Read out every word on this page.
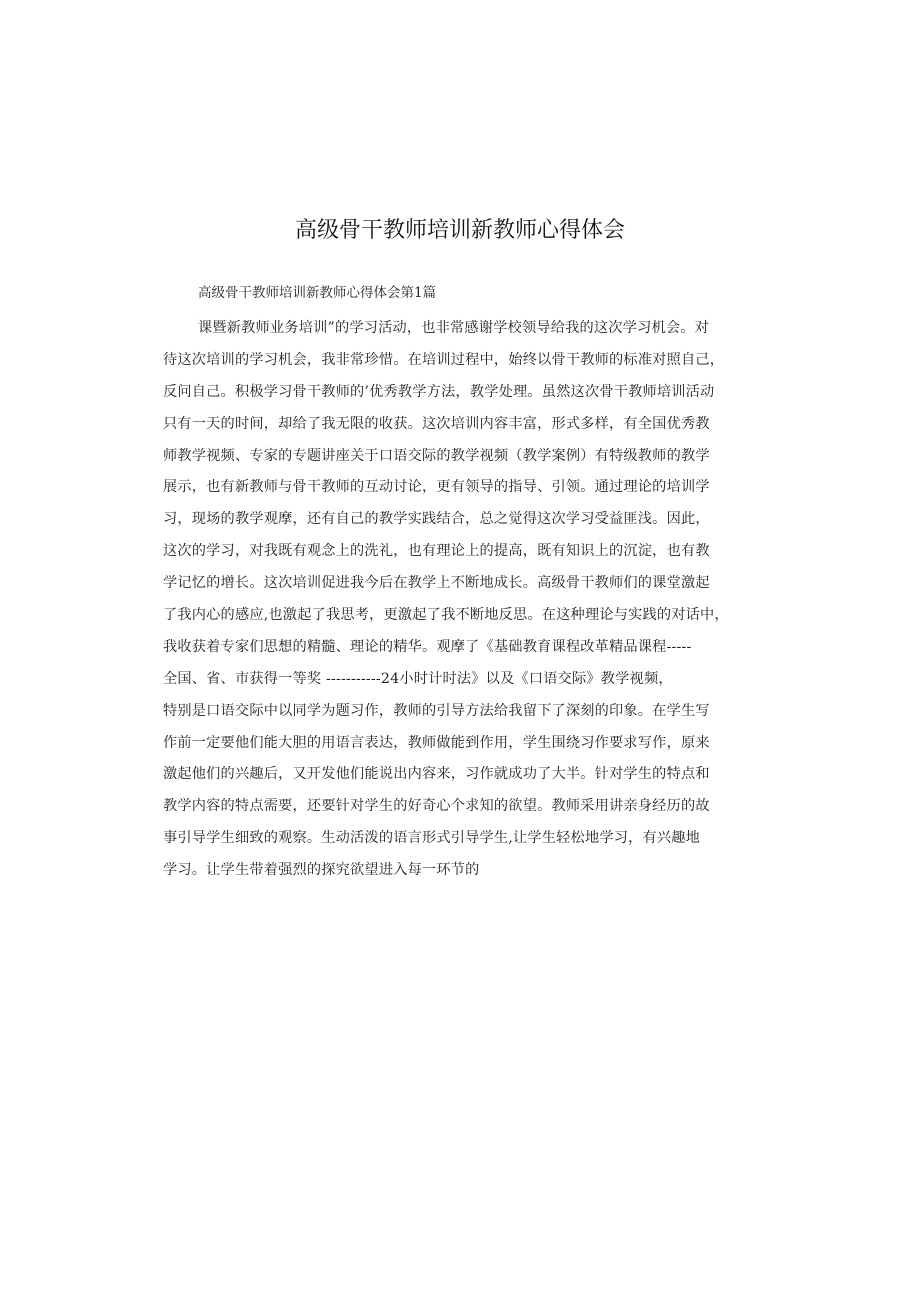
高级骨干教师培训新教师心得体会
高级骨干教师培训新教师心得体会第1篇
课暨新教师业务培训”的学习活动，也非常感谢学校领导给我的这次学习机会。对
待这次培训的学习机会，我非常珍惜。在培训过程中，始终以骨干教师的标准对照自己，
反问自己。积极学习骨干教师的’优秀教学方法，教学处理。虽然这次骨干教师培训活动
只有一天的时间，却给了我无限的收获。这次培训内容丰富，形式多样，有全国优秀教
师教学视频、专家的专题讲座关于口语交际的教学视频（教学案例）有特级教师的教学
展示，也有新教师与骨干教师的互动讨论，更有领导的指导、引领。通过理论的培训学
习，现场的教学观摩，还有自己的教学实践结合，总之觉得这次学习受益匪浅。因此，
这次的学习，对我既有观念上的洗礼，也有理论上的提高，既有知识上的沉淀，也有教
学记忆的增长。这次培训促进我今后在教学上不断地成长。高级骨干教师们的课堂激起
了我内心的感应,也激起了我思考，更激起了我不断地反思。在这种理论与实践的对话中，
我收获着专家们思想的精髓、理论的精华。观摩了《基础教育课程改革精品课程-----
全国、省、市获得一等奖 -----------24小时计时法》以及《口语交际》教学视频，
特别是口语交际中以同学为题习作，教师的引导方法给我留下了深刻的印象。在学生写
作前一定要他们能大胆的用语言表达，教师做能到作用，学生围绕习作要求写作，原来
激起他们的兴趣后，又开发他们能说出内容来，习作就成功了大半。针对学生的特点和
教学内容的特点需要，还要针对学生的好奇心个求知的欲望。教师采用讲亲身经历的故
事引导学生细致的观察。生动活泼的语言形式引导学生,让学生轻松地学习，有兴趣地
学习。让学生带着强烈的探究欲望进入每一环节的
